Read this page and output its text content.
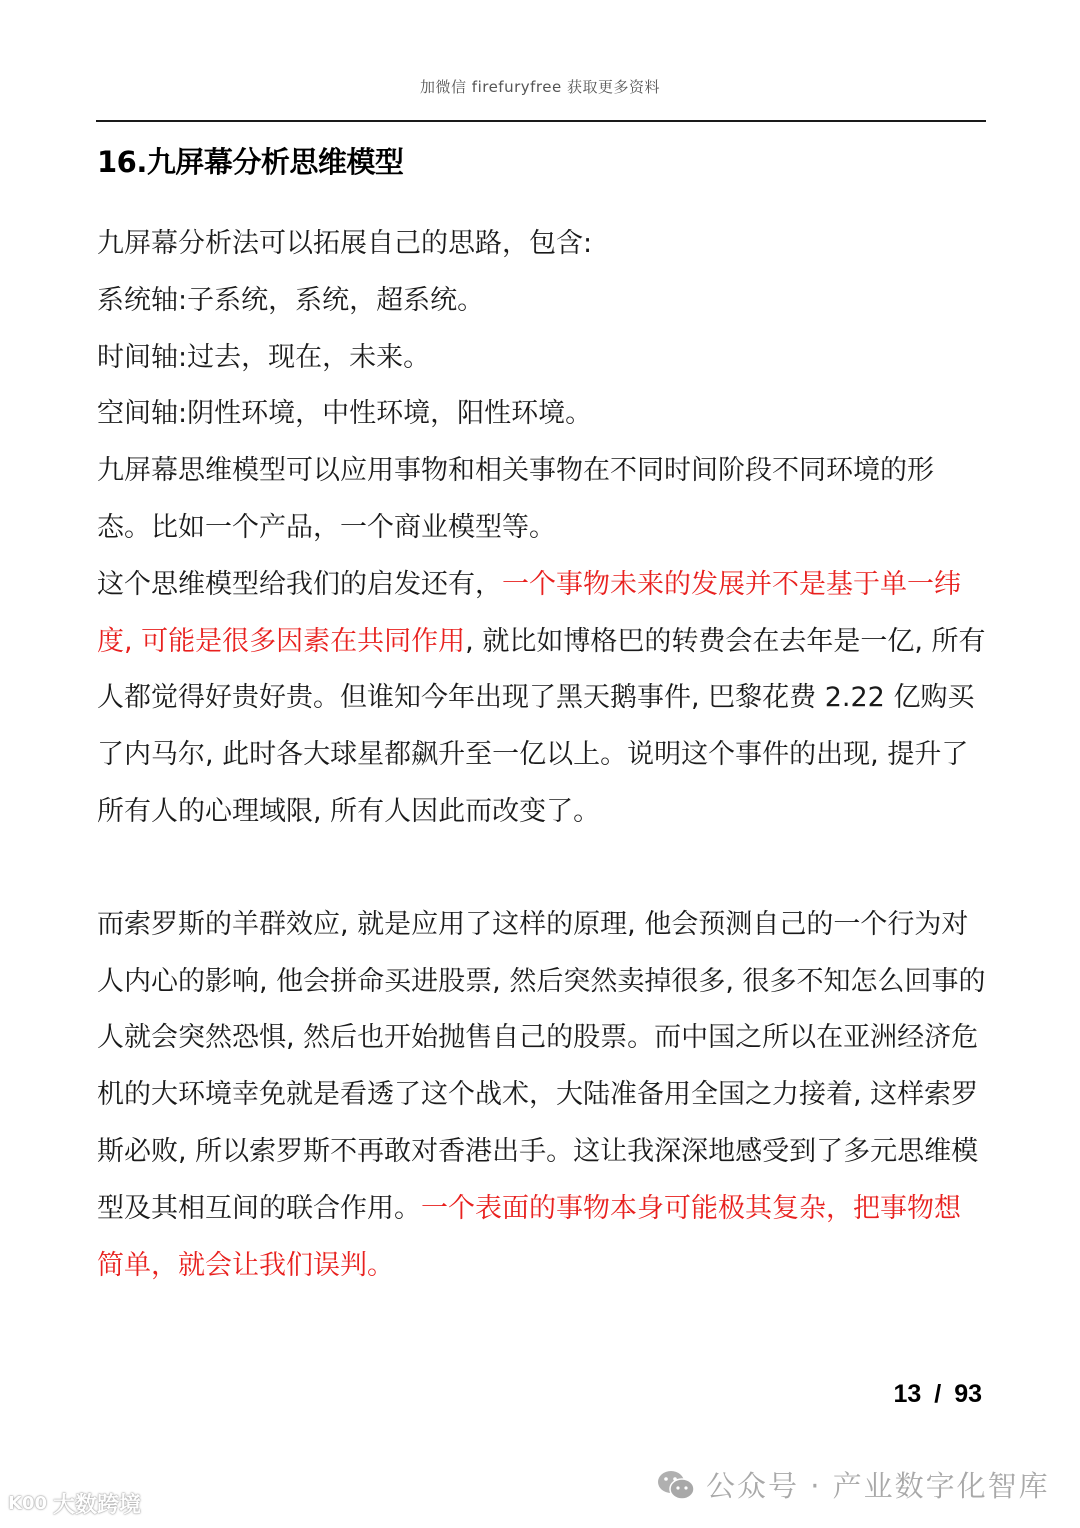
加微信 firefuryfree 获取更多资料
16.九屏幕分析思维模型

九屏幕分析法可以拓展自己的思路，包含:

系统轴:子系统，系统，超系统。

时间轴:过去，现在，未来。

空间轴:阴性环境，中性环境，阳性环境。

九屏幕思维模型可以应用事物和相关事物在不同时间阶段不同环境的形态。比如一个产品，一个商业模型等。

这个思维模型给我们的启发还有，一个事物未来的发展并不是基于单一纬度, 可能是很多因素在共同作用, 就比如博格巴的转费会在去年是一亿, 所有人都觉得好贵好贵。但谁知今年出现了黑天鹅事件, 巴黎花费 2.22 亿购买了内马尔, 此时各大球星都飙升至一亿以上。说明这个事件的出现, 提升了所有人的心理域限, 所有人因此而改变了。

而索罗斯的羊群效应, 就是应用了这样的原理, 他会预测自己的一个行为对人内心的影响, 他会拼命买进股票, 然后突然卖掉很多, 很多不知怎么回事的人就会突然恐惧, 然后也开始抛售自己的股票。而中国之所以在亚洲经济危机的大环境幸免就是看透了这个战术，大陆准备用全国之力接着, 这样索罗斯必败, 所以索罗斯不再敢对香港出手。这让我深深地感受到了多元思维模型及其相互间的联合作用。一个表面的事物本身可能极其复杂，把事物想简单，就会让我们误判。

13 / 93
公众号 · 产业数字化智库
K00 大数跨境
